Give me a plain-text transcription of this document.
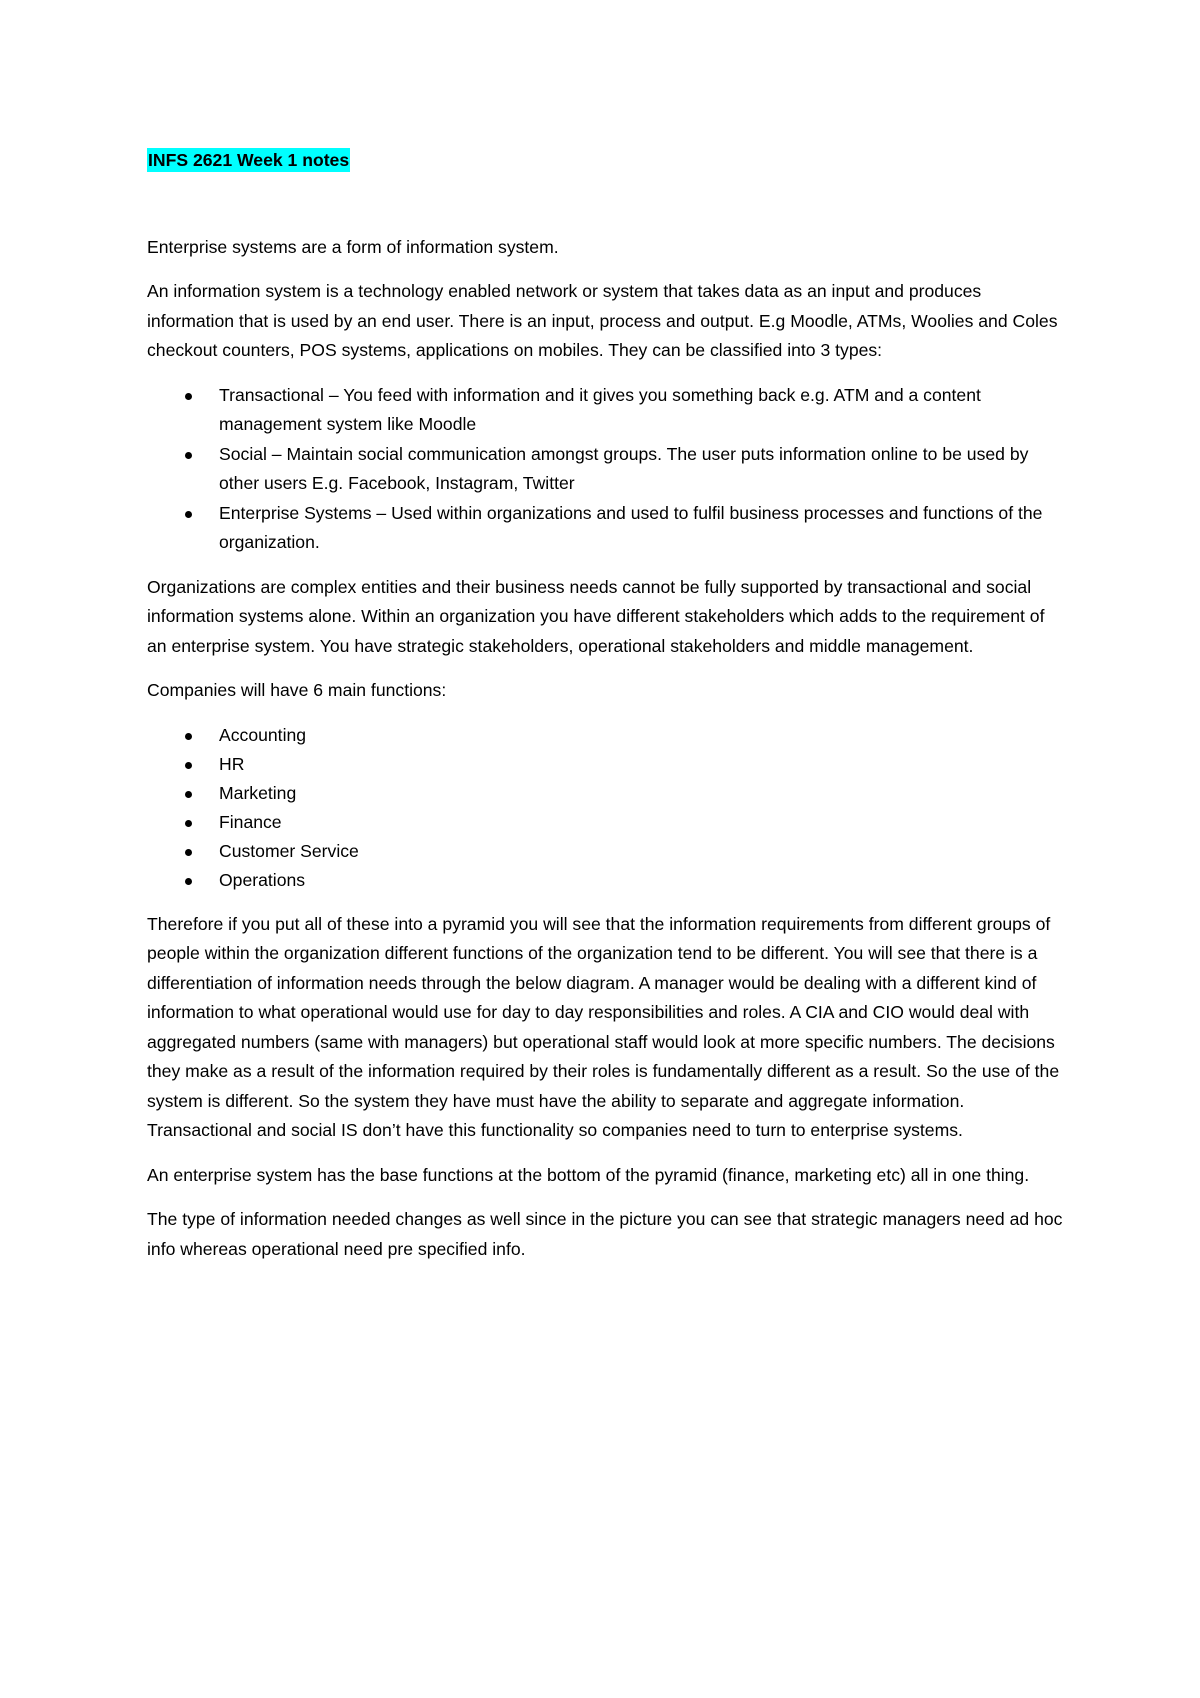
INFS 2621 Week 1 notes

Enterprise systems are a form of information system.

An information system is a technology enabled network or system that takes data as an input and produces information that is used by an end user. There is an input, process and output. E.g Moodle, ATMs, Woolies and Coles checkout counters, POS systems, applications on mobiles. They can be classified into 3 types:

Transactional – You feed with information and it gives you something back e.g. ATM and a content management system like Moodle
Social – Maintain social communication amongst groups. The user puts information online to be used by other users E.g. Facebook, Instagram, Twitter
Enterprise Systems – Used within organizations and used to fulfil business processes and functions of the organization.

Organizations are complex entities and their business needs cannot be fully supported by transactional and social information systems alone. Within an organization you have different stakeholders which adds to the requirement of an enterprise system. You have strategic stakeholders, operational stakeholders and middle management.

Companies will have 6 main functions:

Accounting
HR
Marketing
Finance
Customer Service
Operations

Therefore if you put all of these into a pyramid you will see that the information requirements from different groups of people within the organization different functions of the organization tend to be different. You will see that there is a differentiation of information needs through the below diagram. A manager would be dealing with a different kind of information to what operational would use for day to day responsibilities and roles. A CIA and CIO would deal with aggregated numbers (same with managers) but operational staff would look at more specific numbers. The decisions they make as a result of the information required by their roles is fundamentally different as a result. So the use of the system is different. So the system they have must have the ability to separate and aggregate information. Transactional and social IS don’t have this functionality so companies need to turn to enterprise systems.

An enterprise system has the base functions at the bottom of the pyramid (finance, marketing etc) all in one thing.

The type of information needed changes as well since in the picture you can see that strategic managers need ad hoc info whereas operational need pre specified info.
